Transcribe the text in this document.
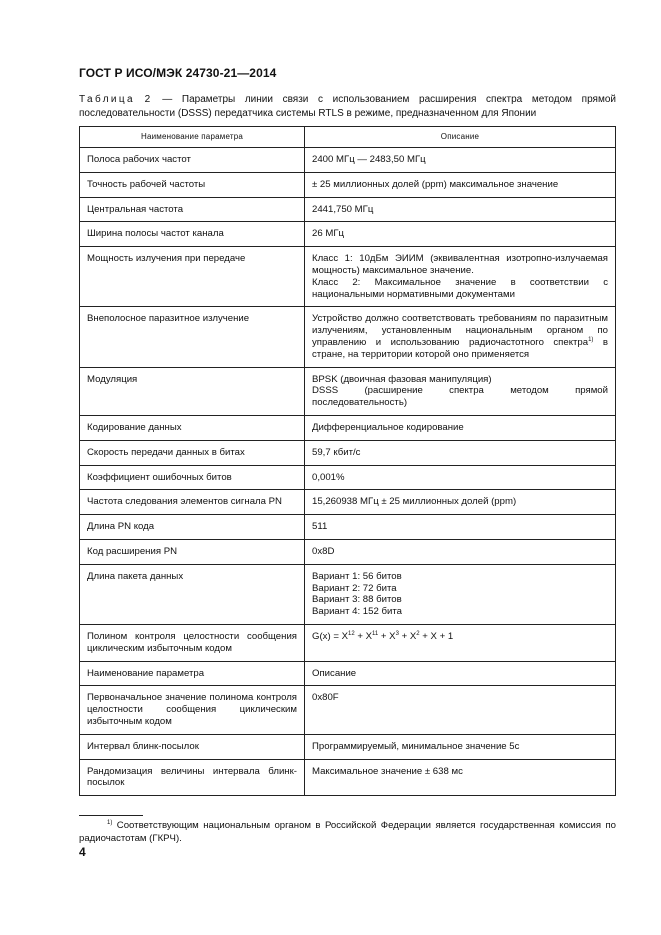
ГОСТ Р ИСО/МЭК 24730-21—2014
Таблица 2 — Параметры линии связи с использованием расширения спектра методом прямой последовательности (DSSS) передатчика системы RTLS в режиме, предназначенном для Японии
Наименование параметра	Описание
Полоса рабочих частот	2400 МГц — 2483,50 МГц
Точность рабочей частоты	± 25 миллионных долей (ppm) максимальное значение
Центральная частота	2441,750 МГц
Ширина полосы частот канала	26 МГц
Мощность излучения при передаче	Класс 1: 10дБм ЭИИМ (эквивалентная изотропно-излучаемая мощность) максимальное значение.
Класс 2: Максимальное значение в соответствии с национальными нормативными документами

Внеполосное паразитное излучение	Устройство должно соответствовать требованиям по паразитным излучениям, установленным национальным органом по управлению и использованию радиочастотного спектра$^{1)}$ в стране, на территории которой оно применяется
Модуляция	BPSK (двоичная фазовая манипуляция)
DSSS (расширение спектра методом прямой последовательность)

Кодирование данных	Дифференциальное кодирование
Скорость передачи данных в битах	59,7 кбит/с
Коэффициент ошибочных битов	0,001%
Частота следования элементов сигнала PN	15,260938 МГц ± 25 миллионных долей (ppm)
Длина PN кода	511
Код расширения PN	0x8D
Длина пакета данных	Вариант 1: 56 битов
Вариант 2: 72 бита
Вариант 3: 88 битов
Вариант 4: 152 бита

Полином контроля целостности сообщения циклическим избыточным кодом	$G(x) = X^{12} + X^{11} + X^3 + X^2 + X + 1$
Наименование параметра	Описание
Первоначальное значение полинома контроля целостности сообщения циклическим избыточным кодом	0x80F
Интервал блинк-посылок	Программируемый, минимальное значение 5с
Рандомизация величины интервала блинк-посылок	Максимальное значение ± 638 мс
$^{1)}$ Соответствующим национальным органом в Российской Федерации является государственная комиссия по радиочастотам (ГКРЧ).
4
